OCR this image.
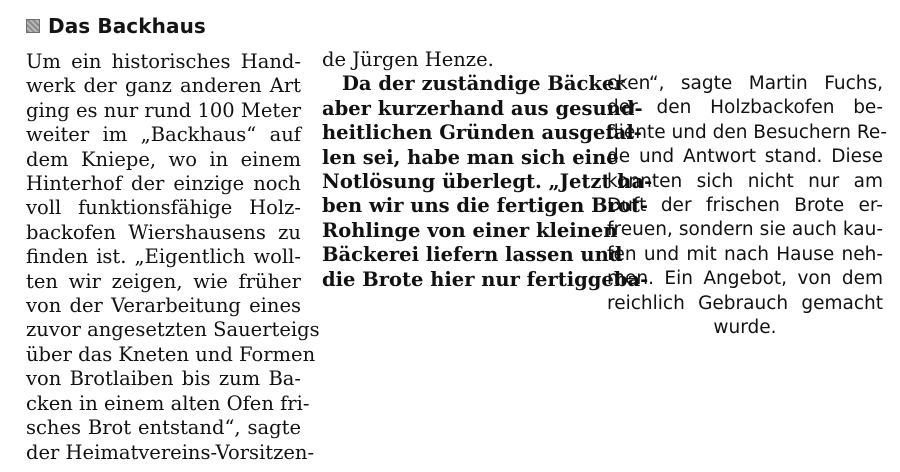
Das Backhaus
Um ein historisches Hand-
werk der ganz anderen Art
ging es nur rund 100 Meter
weiter im „Backhaus“ auf
dem Kniepe, wo in einem
Hinterhof der einzige noch
voll funktionsfähige Holz-
backofen Wiershausens zu
finden ist. „Eigentlich woll-
ten wir zeigen, wie früher
von der Verarbeitung eines
zuvor angesetzten Sauerteigs
über das Kneten und Formen
von Brotlaiben bis zum Ba-
cken in einem alten Ofen fri-
sches Brot entstand“, sagte
der Heimatvereins-Vorsitzen-
de Jürgen Henze.
Da der zuständige Bäcker
aber kurzerhand aus gesund-
heitlichen Gründen ausgefal-
len sei, habe man sich eine
Notlösung überlegt. „Jetzt ha-
ben wir uns die fertigen Brot-
Rohlinge von einer kleinen
Bäckerei liefern lassen und
die Brote hier nur fertiggeba-
cken“, sagte Martin Fuchs,
der den Holzbackofen be-
diente und den Besuchern Re-
de und Antwort stand. Diese
konnten sich nicht nur am
Duft der frischen Brote er-
freuen, sondern sie auch kau-
fen und mit nach Hause neh-
men. Ein Angebot, von dem
reichlich Gebrauch gemacht
wurde.
